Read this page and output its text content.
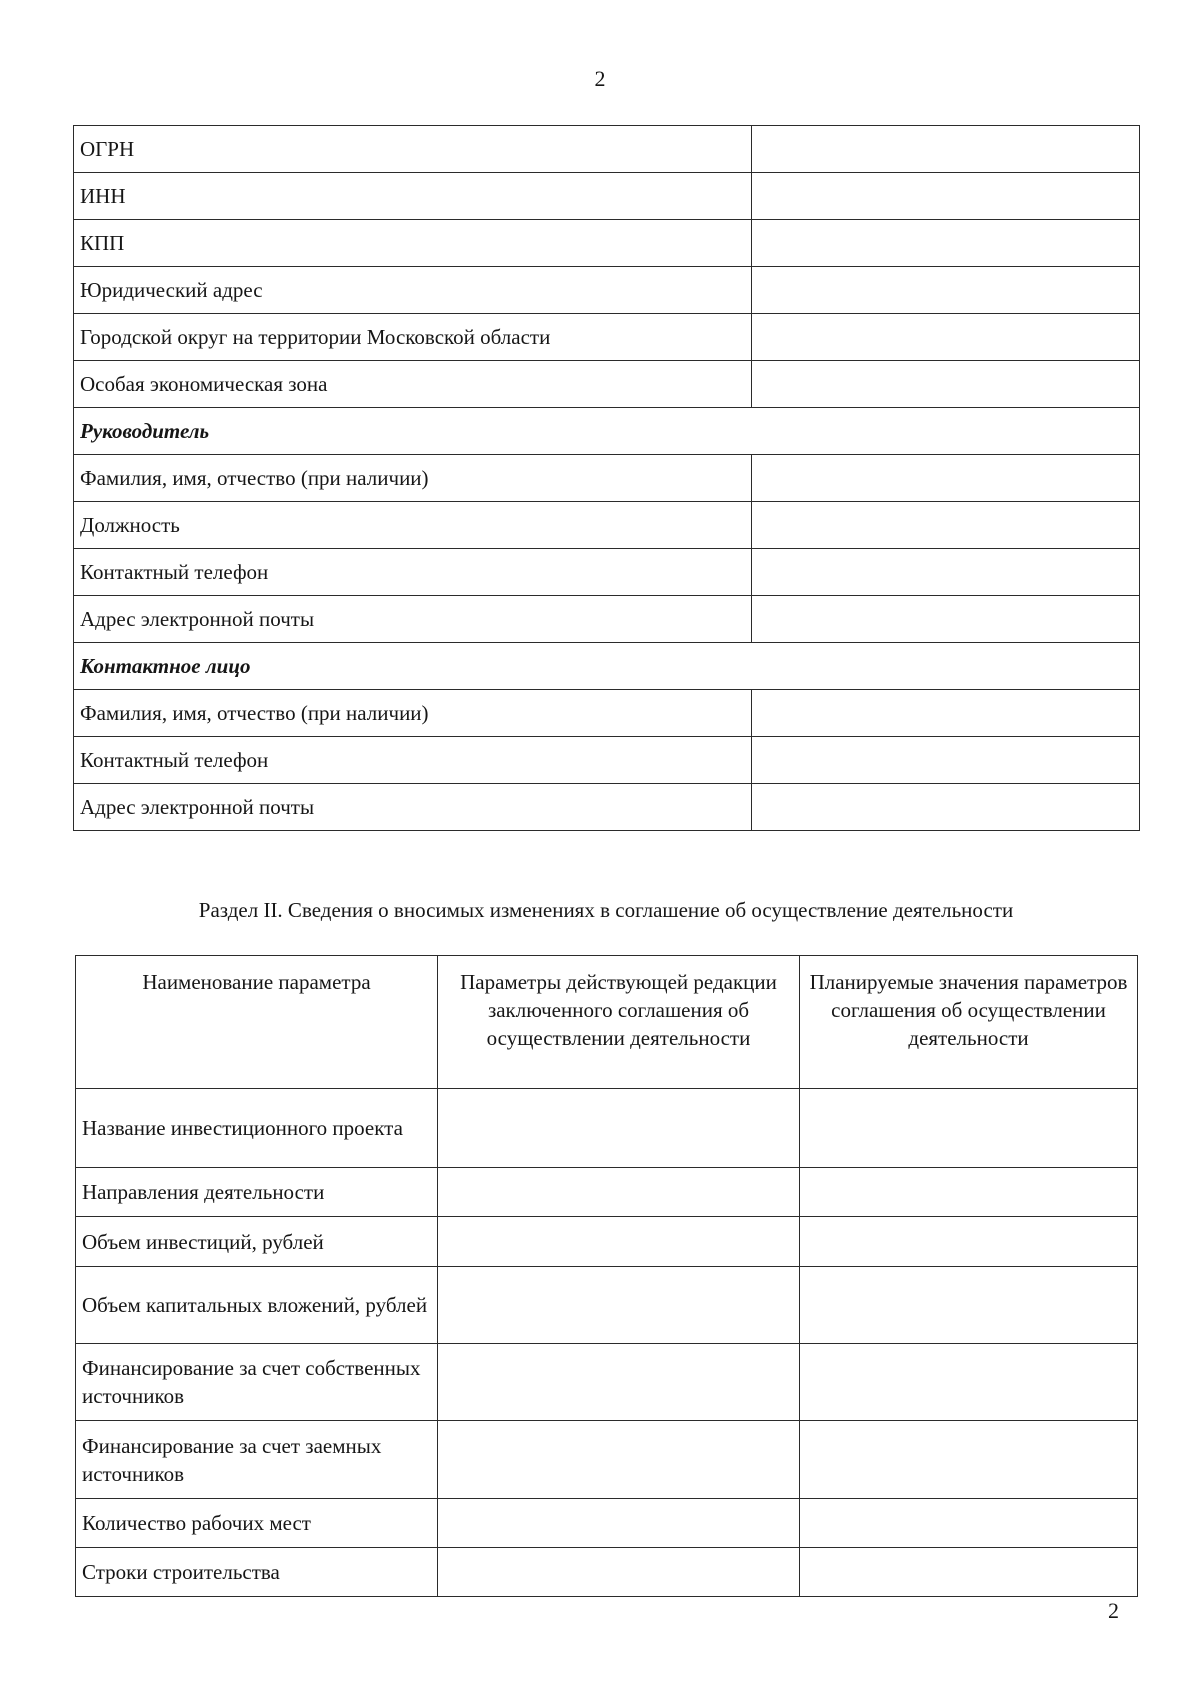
2
ОГРН	
ИНН	
КПП	
Юридический адрес	
Городской округ на территории Московской области	
Особая экономическая зона	
Руководитель	
Фамилия, имя, отчество (при наличии)	
Должность	
Контактный телефон	
Адрес электронной почты	
Контактное лицо	
Фамилия, имя, отчество (при наличии)	
Контактный телефон	
Адрес электронной почты	
Раздел II. Сведения о вносимых изменениях в соглашение об осуществление деятельности
Наименование параметра	Параметры действующей редакции заключенного соглашения об осуществлении деятельности	Планируемые значения параметров соглашения об осуществлении деятельности
Название инвестиционного проекта		
Направления деятельности		
Объем инвестиций, рублей		
Объем капитальных вложений, рублей		
Финансирование за счет собственных источников		
Финансирование за счет заемных источников		
Количество рабочих мест		
Строки строительства		
2
